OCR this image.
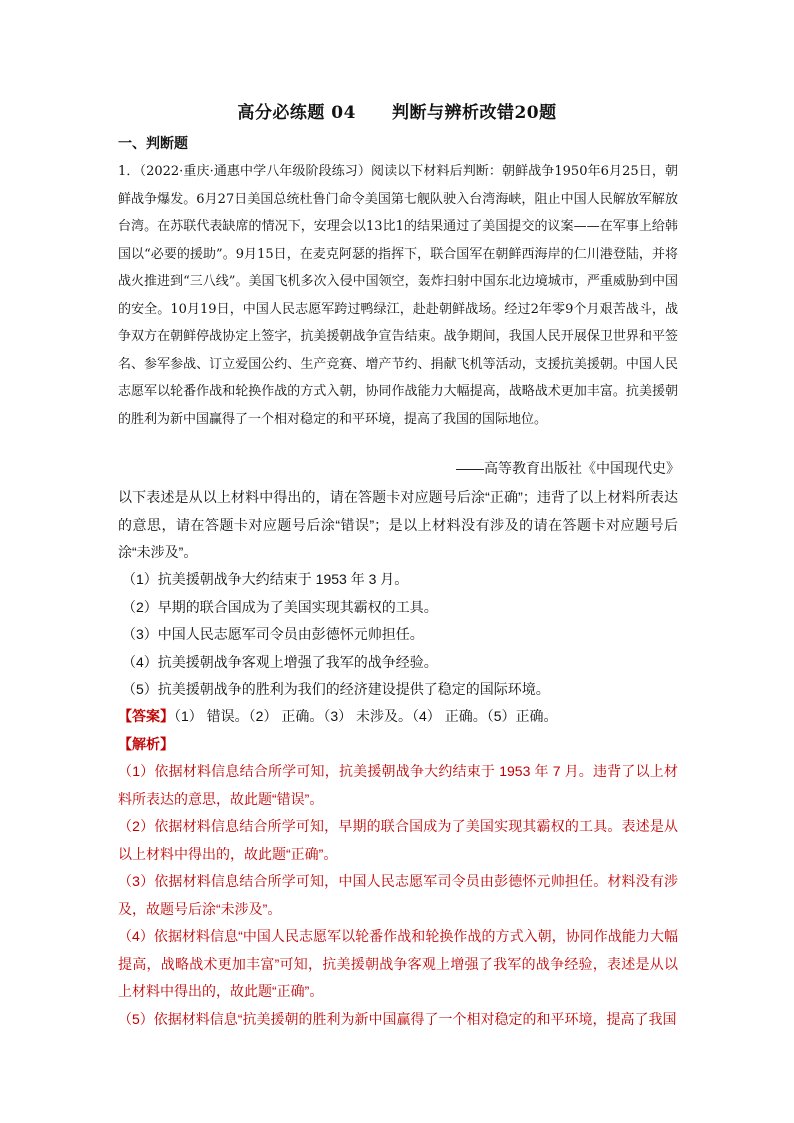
高分必练题 04 判断与辨析改错20题
一、判断题

1．（2022·重庆·通惠中学八年级阶段练习）阅读以下材料后判断：朝鲜战争1950年6月25日，朝鲜战争爆发。6月27日美国总统杜鲁门命令美国第七舰队驶入台湾海峡，阻止中国人民解放军解放台湾。在苏联代表缺席的情况下，安理会以13比1的结果通过了美国提交的议案——在军事上给韩国以“必要的援助”。9月15日，在麦克阿瑟的指挥下，联合国军在朝鲜西海岸的仁川港登陆，并将战火推进到“三八线”。美国飞机多次入侵中国领空，轰炸扫射中国东北边境城市，严重威胁到中国的安全。10月19日，中国人民志愿军跨过鸭绿江，赴赴朝鲜战场。经过2年零9个月艰苦战斗，战争双方在朝鲜停战协定上签字，抗美援朝战争宣告结束。战争期间，我国人民开展保卫世界和平签名、参军参战、订立爱国公约、生产竞赛、增产节约、捐献飞机等活动，支援抗美援朝。中国人民志愿军以轮番作战和轮换作战的方式入朝，协同作战能力大幅提高，战略战术更加丰富。抗美援朝的胜利为新中国赢得了一个相对稳定的和平环境，提高了我国的国际地位。

——高等教育出版社《中国现代史》

以下表述是从以上材料中得出的，请在答题卡对应题号后涂“正确”；违背了以上材料所表达的意思，请在答题卡对应题号后涂“错误”；是以上材料没有涉及的请在答题卡对应题号后涂“未涉及”。

（1）抗美援朝战争大约结束于 1953 年 3 月。
（2）早期的联合国成为了美国实现其霸权的工具。
（3）中国人民志愿军司令员由彭德怀元帅担任。
（4）抗美援朝战争客观上增强了我军的战争经验。
（5）抗美援朝战争的胜利为我们的经济建设提供了稳定的国际环境。
【答案】（1） 错误。（2） 正确。（3） 未涉及。（4） 正确。（5）正确。
【解析】

（1）依据材料信息结合所学可知，抗美援朝战争大约结束于 1953 年 7 月。违背了以上材料所表达的意思，故此题“错误”。

（2）依据材料信息结合所学可知，早期的联合国成为了美国实现其霸权的工具。表述是从以上材料中得出的，故此题“正确”。

（3）依据材料信息结合所学可知，中国人民志愿军司令员由彭德怀元帅担任。材料没有涉及，故题号后涂“未涉及”。

（4）依据材料信息“中国人民志愿军以轮番作战和轮换作战的方式入朝，协同作战能力大幅提高，战略战术更加丰富”可知，抗美援朝战争客观上增强了我军的战争经验，表述是从以上材料中得出的，故此题“正确”。

（5）依据材料信息“抗美援朝的胜利为新中国赢得了一个相对稳定的和平环境，提高了我国
